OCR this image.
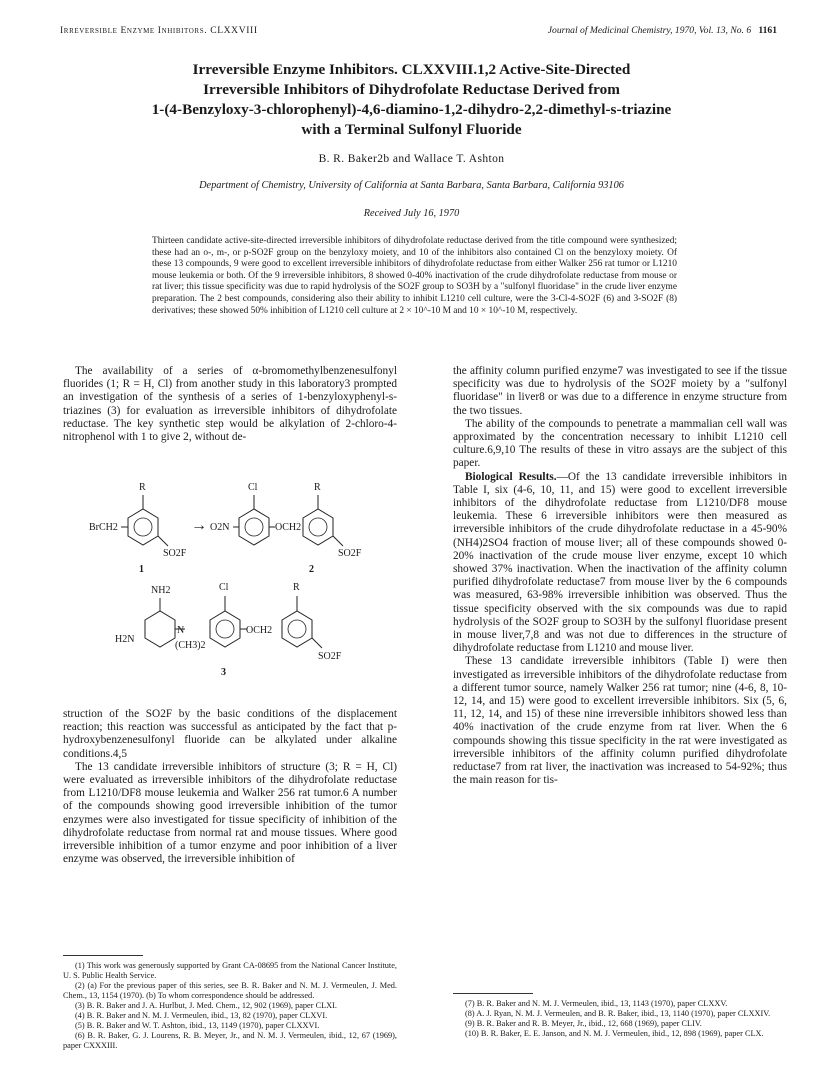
Irreversible Enzyme Inhibitors. CLXXVIII	Journal of Medicinal Chemistry, 1970, Vol. 13, No. 6 1161
Irreversible Enzyme Inhibitors. CLXXVIII.1,2 Active-Site-Directed
Irreversible Inhibitors of Dihydrofolate Reductase Derived from
1-(4-Benzyloxy-3-chlorophenyl)-4,6-diamino-1,2-dihydro-2,2-dimethyl-s-triazine
with a Terminal Sulfonyl Fluoride
B. R. Baker2b and Wallace T. Ashton
Department of Chemistry, University of California at Santa Barbara, Santa Barbara, California 93106
Received July 16, 1970
Thirteen candidate active-site-directed irreversible inhibitors of dihydrofolate reductase derived from the title compound were synthesized; these had an o-, m-, or p-SO2F group on the benzyloxy moiety, and 10 of the inhibitors also contained Cl on the benzyloxy moiety. Of these 13 compounds, 9 were good to excellent irreversible inhibitors of dihydrofolate reductase from either Walker 256 rat tumor or L1210 mouse leukemia or both. Of the 9 irreversible inhibitors, 8 showed 0-40% inactivation of the crude dihydrofolate reductase from mouse or rat liver; this tissue specificity was due to rapid hydrolysis of the SO2F group to SO3H by a "sulfonyl fluoridase" in the crude liver enzyme preparation. The 2 best compounds, considering also their ability to inhibit L1210 cell culture, were the 3-Cl-4-SO2F (6) and 3-SO2F (8) derivatives; these showed 50% inhibition of L1210 cell culture at 2 × 10^-10 M and 10 × 10^-10 M, respectively.

The availability of a series of α-bromomethylbenzenesulfonyl fluorides (1; R = H, Cl) from another study in this laboratory3 prompted an investigation of the synthesis of a series of 1-benzyloxyphenyl-s-triazines (3) for evaluation as irreversible inhibitors of dihydrofolate reductase. The key synthetic step would be alkylation of 2-chloro-4-nitrophenol with 1 to give 2, without de-

R
BrCH2
SO2F
1
→
Cl	R
O2N	OCH2
SO2F
2
NH2
N
H2N
(CH3)2
Cl
OCH2
R
SO2F
3

struction of the SO2F by the basic conditions of the displacement reaction; this reaction was successful as anticipated by the fact that p-hydroxybenzenesulfonyl fluoride can be alkylated under alkaline conditions.4,5

The 13 candidate irreversible inhibitors of structure (3; R = H, Cl) were evaluated as irreversible inhibitors of the dihydrofolate reductase from L1210/DF8 mouse leukemia and Walker 256 rat tumor.6 A number of the compounds showing good irreversible inhibition of the tumor enzymes were also investigated for tissue specificity of inhibition of the dihydrofolate reductase from normal rat and mouse tissues. Where good irreversible inhibition of a tumor enzyme and poor inhibition of a liver enzyme was observed, the irreversible inhibition of

the affinity column purified enzyme7 was investigated to see if the tissue specificity was due to hydrolysis of the SO2F moiety by a "sulfonyl fluoridase" in liver8 or was due to a difference in enzyme structure from the two tissues.

The ability of the compounds to penetrate a mammalian cell wall was approximated by the concentration necessary to inhibit L1210 cell culture.6,9,10 The results of these in vitro assays are the subject of this paper.

Biological Results.—Of the 13 candidate irreversible inhibitors in Table I, six (4-6, 10, 11, and 15) were good to excellent irreversible inhibitors of the dihydrofolate reductase from L1210/DF8 mouse leukemia. These 6 irreversible inhibitors were then measured as irreversible inhibitors of the crude dihydrofolate reductase in a 45-90% (NH4)2SO4 fraction of mouse liver; all of these compounds showed 0-20% inactivation of the crude mouse liver enzyme, except 10 which showed 37% inactivation. When the inactivation of the affinity column purified dihydrofolate reductase7 from mouse liver by the 6 compounds was measured, 63-98% irreversible inhibition was observed. Thus the tissue specificity observed with the six compounds was due to rapid hydrolysis of the SO2F group to SO3H by the sulfonyl fluoridase present in mouse liver,7,8 and was not due to differences in the structure of dihydrofolate reductase from L1210 and mouse liver.

These 13 candidate irreversible inhibitors (Table I) were then investigated as irreversible inhibitors of the dihydrofolate reductase from a different tumor source, namely Walker 256 rat tumor; nine (4-6, 8, 10-12, 14, and 15) were good to excellent irreversible inhibitors. Six (5, 6, 11, 12, 14, and 15) of these nine irreversible inhibitors showed less than 40% inactivation of the crude enzyme from rat liver. When the 6 compounds showing this tissue specificity in the rat were investigated as irreversible inhibitors of the affinity column purified dihydrofolate reductase7 from rat liver, the inactivation was increased to 54-92%; thus the main reason for tis-

(1) This work was generously supported by Grant CA-08695 from the National Cancer Institute, U. S. Public Health Service.

(2) (a) For the previous paper of this series, see B. R. Baker and N. M. J. Vermeulen, J. Med. Chem., 13, 1154 (1970). (b) To whom correspondence should be addressed.

(3) B. R. Baker and J. A. Hurlbut, J. Med. Chem., 12, 902 (1969), paper CLXI.

(4) B. R. Baker and N. M. J. Vermeulen, ibid., 13, 82 (1970), paper CLXVI.

(5) B. R. Baker and W. T. Ashton, ibid., 13, 1149 (1970), paper CLXXVI.

(6) B. R. Baker, G. J. Lourens, R. B. Meyer, Jr., and N. M. J. Vermeulen, ibid., 12, 67 (1969), paper CXXXIII.

(7) B. R. Baker and N. M. J. Vermeulen, ibid., 13, 1143 (1970), paper CLXXV.

(8) A. J. Ryan, N. M. J. Vermeulen, and B. R. Baker, ibid., 13, 1140 (1970), paper CLXXIV.

(9) B. R. Baker and R. B. Meyer, Jr., ibid., 12, 668 (1969), paper CLIV.

(10) B. R. Baker, E. E. Janson, and N. M. J. Vermeulen, ibid., 12, 898 (1969), paper CLX.
